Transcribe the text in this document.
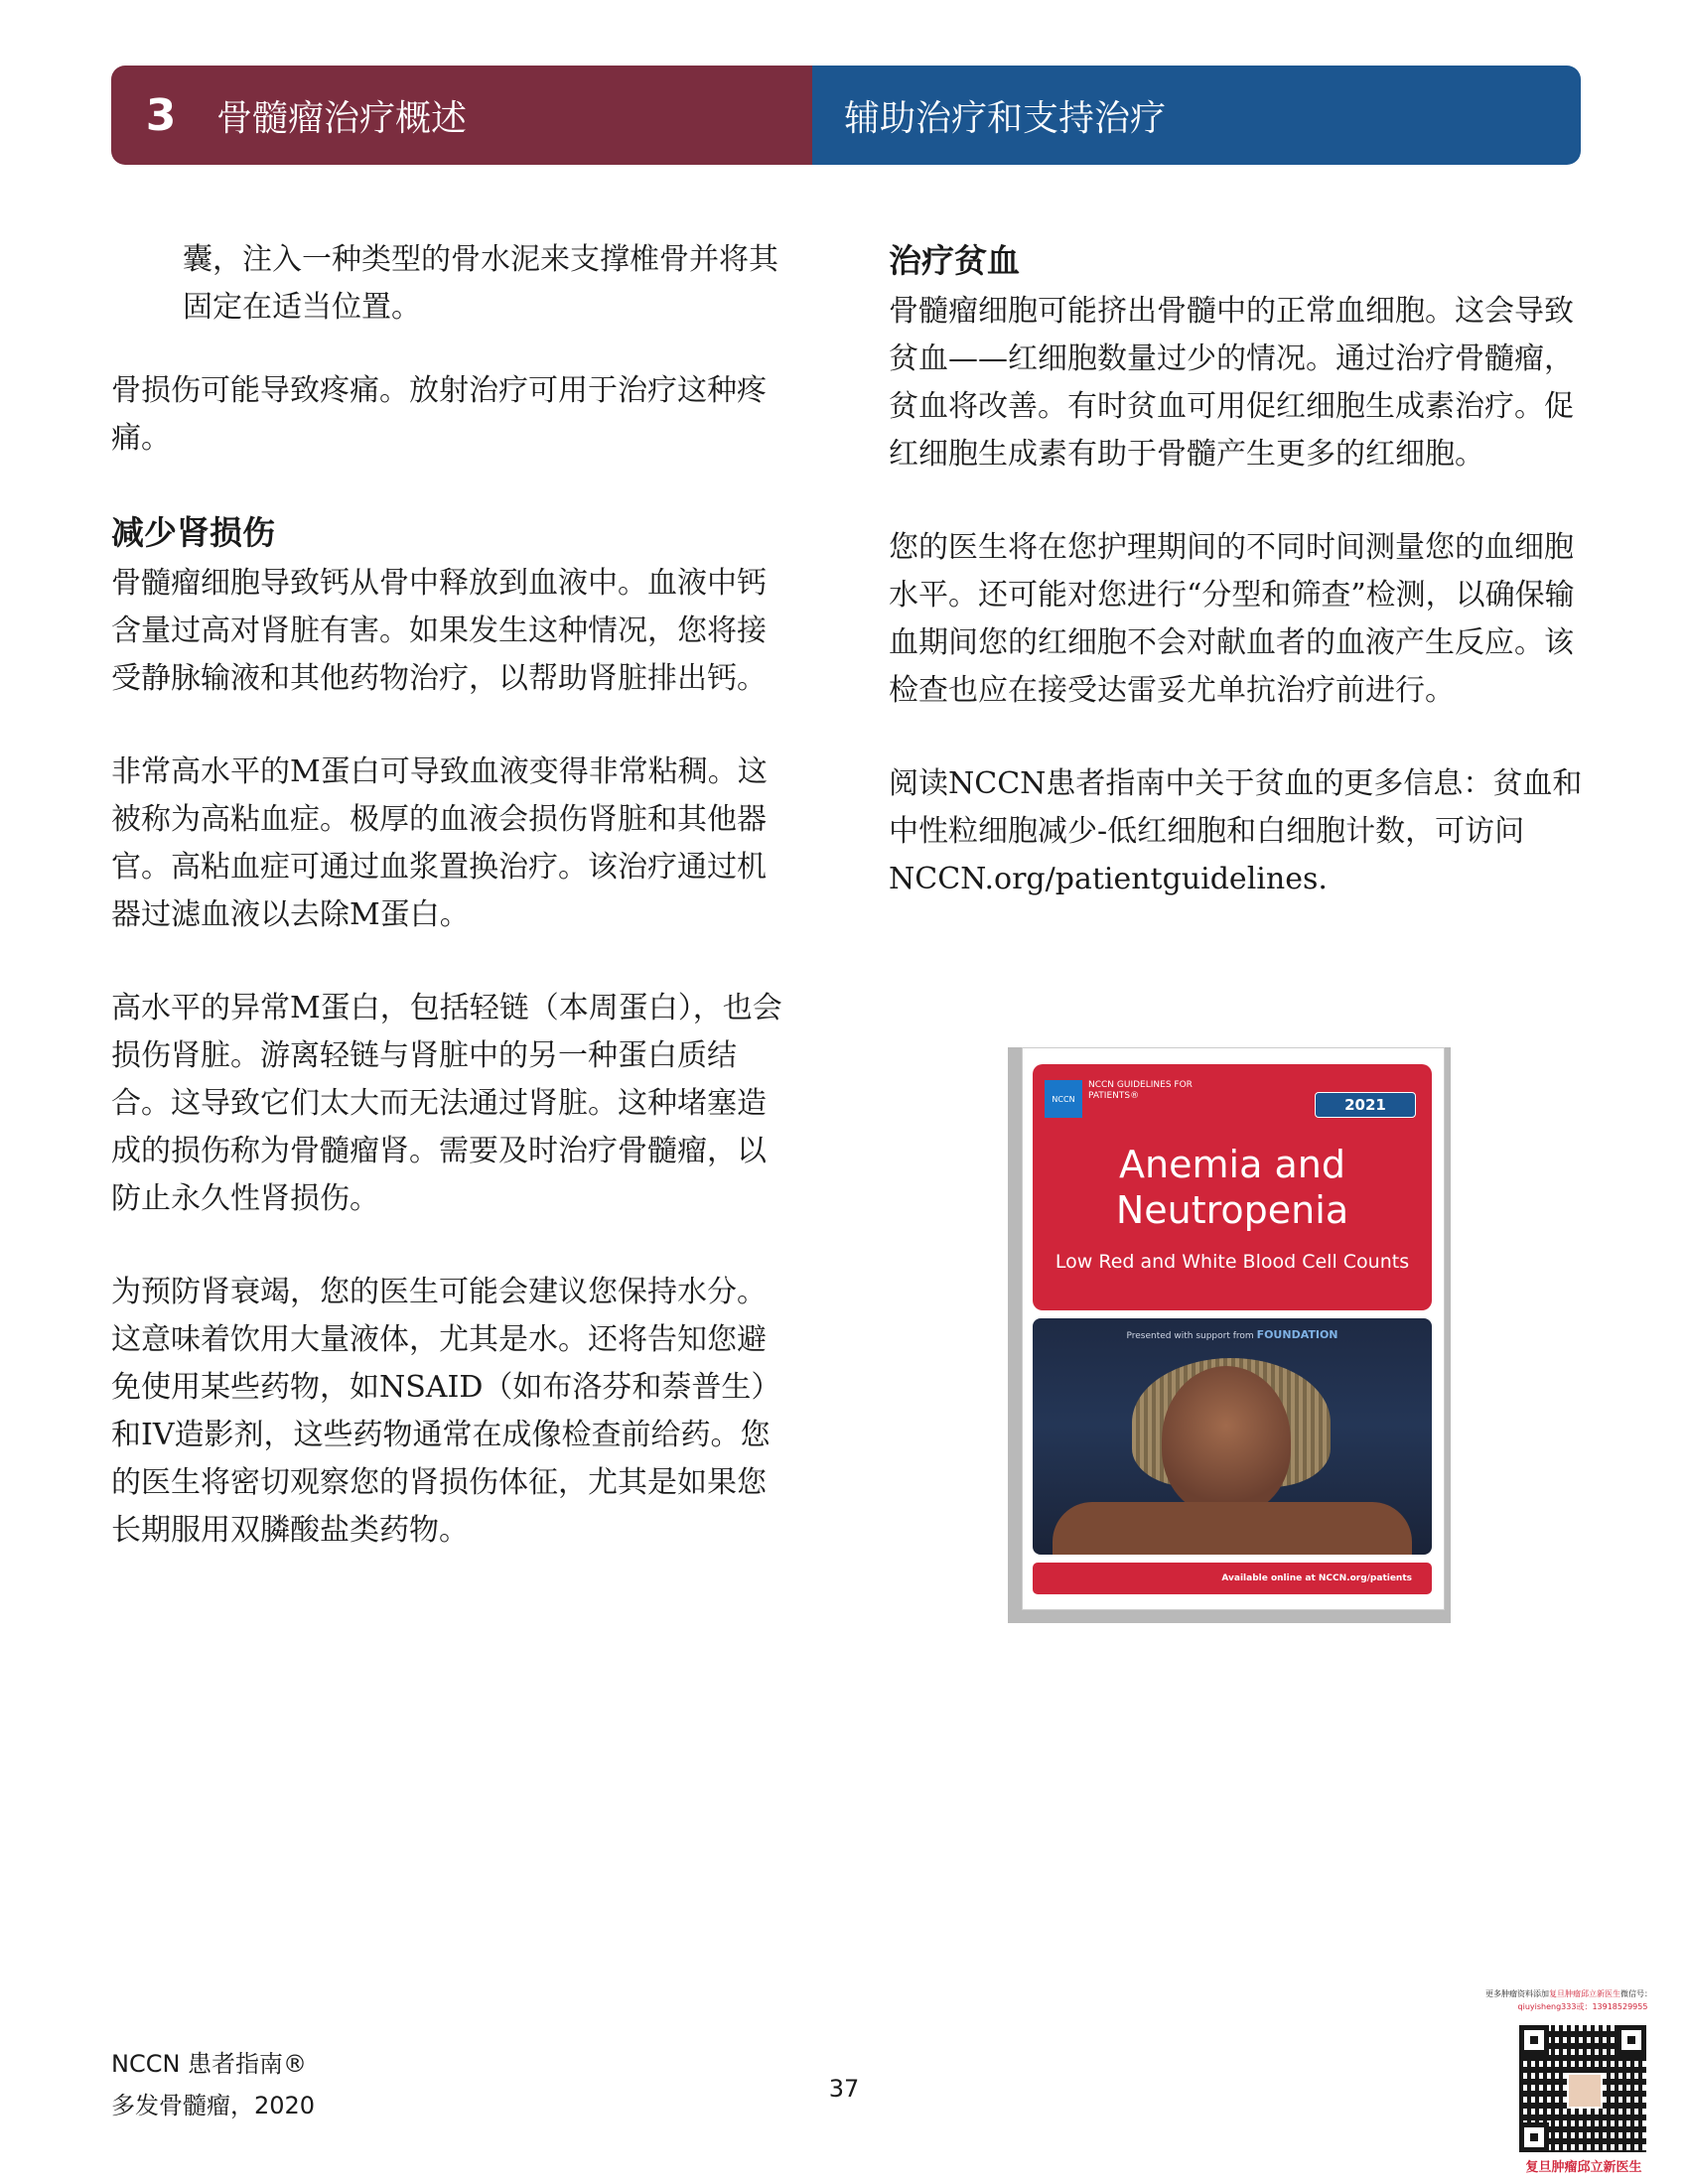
3	骨髓瘤治疗概述	辅助治疗和支持治疗

囊，注入一种类型的骨水泥来支撑椎骨并将其固定在适当位置。

骨损伤可能导致疼痛。放射治疗可用于治疗这种疼痛。

减少肾损伤

骨髓瘤细胞导致钙从骨中释放到血液中。血液中钙含量过高对肾脏有害。如果发生这种情况，您将接受静脉输液和其他药物治疗，以帮助肾脏排出钙。

非常高水平的M蛋白可导致血液变得非常粘稠。这被称为高粘血症。极厚的血液会损伤肾脏和其他器官。高粘血症可通过血浆置换治疗。该治疗通过机器过滤血液以去除M蛋白。

高水平的异常M蛋白，包括轻链（本周蛋白），也会损伤肾脏。游离轻链与肾脏中的另一种蛋白质结合。这导致它们太大而无法通过肾脏。这种堵塞造成的损伤称为骨髓瘤肾。需要及时治疗骨髓瘤，以防止永久性肾损伤。

为预防肾衰竭，您的医生可能会建议您保持水分。这意味着饮用大量液体，尤其是水。还将告知您避免使用某些药物，如NSAID（如布洛芬和萘普生）和IV造影剂，这些药物通常在成像检查前给药。您的医生将密切观察您的肾损伤体征，尤其是如果您长期服用双膦酸盐类药物。

治疗贫血

骨髓瘤细胞可能挤出骨髓中的正常血细胞。这会导致贫血——红细胞数量过少的情况。通过治疗骨髓瘤，贫血将改善。有时贫血可用促红细胞生成素治疗。促红细胞生成素有助于骨髓产生更多的红细胞。

您的医生将在您护理期间的不同时间测量您的血细胞水平。还可能对您进行“分型和筛查”检测，以确保输血期间您的红细胞不会对献血者的血液产生反应。该检查也应在接受达雷妥尤单抗治疗前进行。

阅读NCCN患者指南中关于贫血的更多信息：贫血和中性粒细胞减少-低红细胞和白细胞计数，可访问NCCN.org/patientguidelines.

NCCN
NCCN GUIDELINES FOR PATIENTS®	2021
Anemia and Neutropenia
Low Red and White Blood Cell Counts
Presented with support from FOUNDATION
Available online at NCCN.org/patients
NCCN 患者指南®
多发骨髓瘤，2020
37
更多肿瘤资料添加复旦肿瘤邱立新医生微信号：
qiuyisheng333或：13918529955
复旦肿瘤邱立新医生
